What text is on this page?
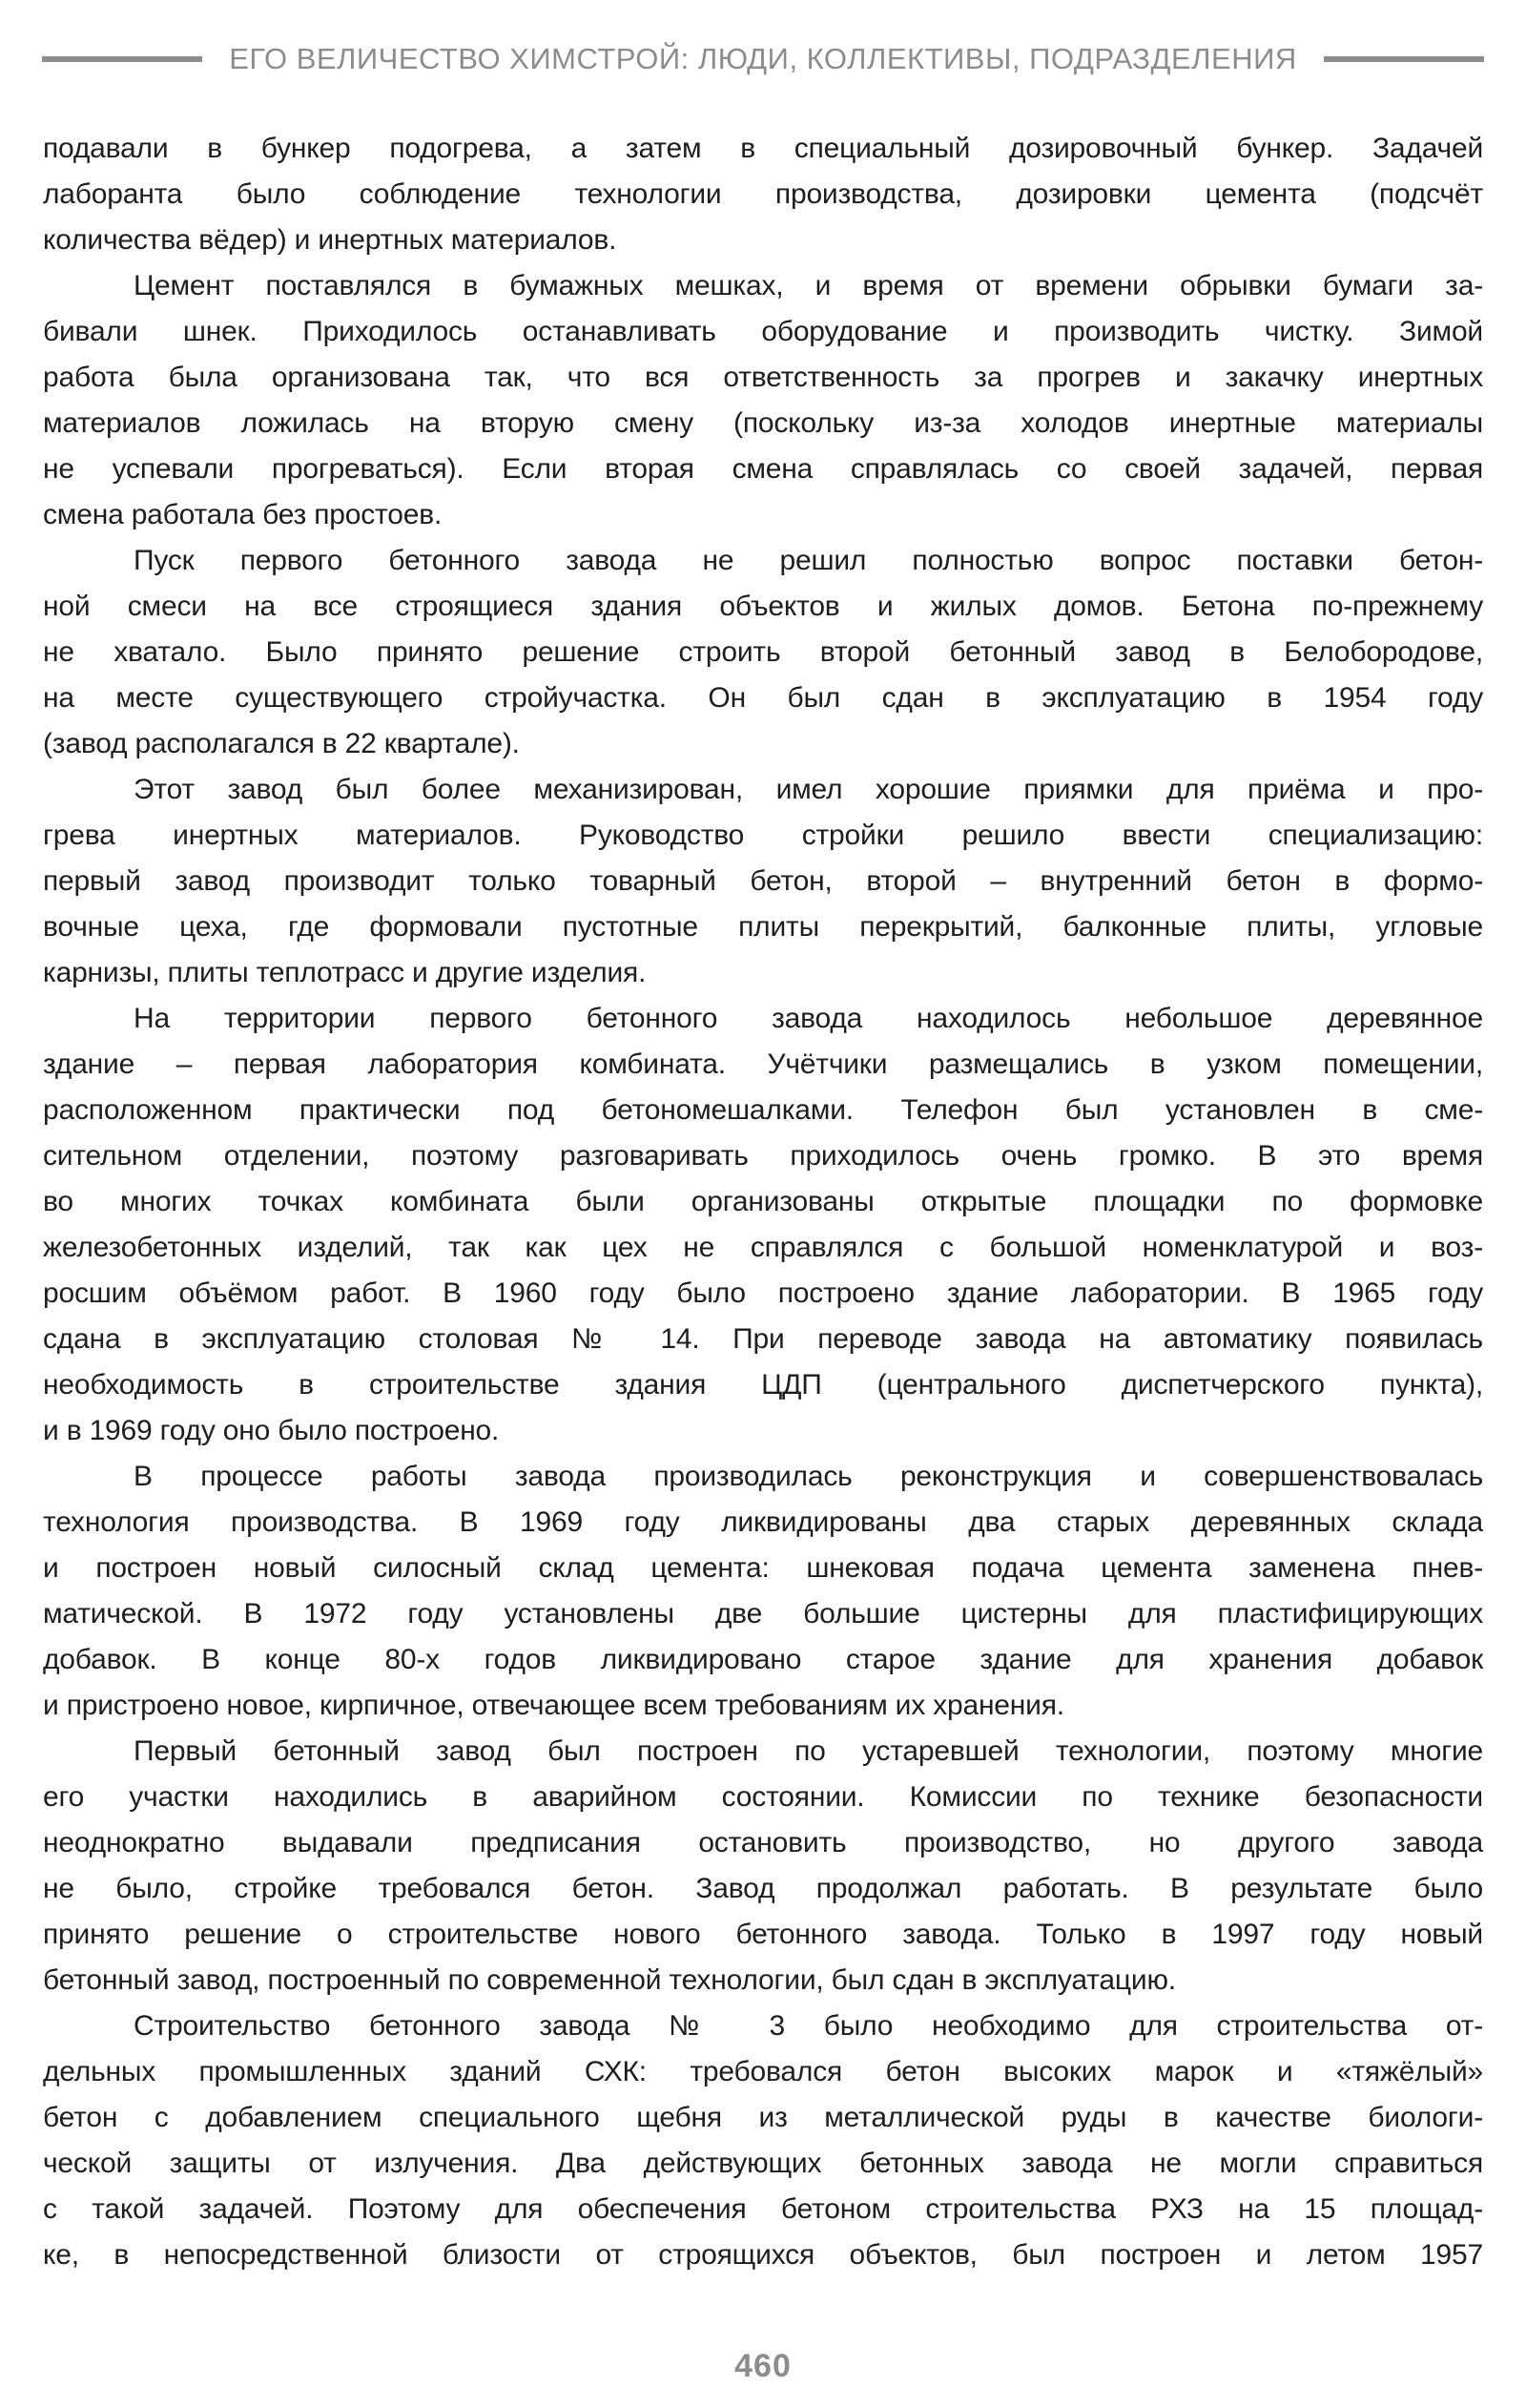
ЕГО ВЕЛИЧЕСТВО ХИМСТРОЙ: ЛЮДИ, КОЛЛЕКТИВЫ, ПОДРАЗДЕЛЕНИЯ
подавали в бункер подогрева, а затем в специальный дозировочный бункер. Задачей
лаборанта было соблюдение технологии производства, дозировки цемента (подсчёт
количества вёдер) и инертных материалов.
Цемент поставлялся в бумажных мешках, и время от времени обрывки бумаги за-
бивали шнек. Приходилось останавливать оборудование и производить чистку. Зимой
работа была организована так, что вся ответственность за прогрев и закачку инертных
материалов ложилась на вторую смену (поскольку из-за холодов инертные материалы
не успевали прогреваться). Если вторая смена справлялась со своей задачей, первая
смена работала без простоев.
Пуск первого бетонного завода не решил полностью вопрос поставки бетон-
ной смеси на все строящиеся здания объектов и жилых домов. Бетона по-прежнему
не хватало. Было принято решение строить второй бетонный завод в Белобородове,
на месте существующего стройучастка. Он был сдан в эксплуатацию в 1954 году
(завод располагался в 22 квартале).
Этот завод был более механизирован, имел хорошие приямки для приёма и про-
грева инертных материалов. Руководство стройки решило ввести специализацию:
первый завод производит только товарный бетон, второй – внутренний бетон в формо-
вочные цеха, где формовали пустотные плиты перекрытий, балконные плиты, угловые
карнизы, плиты теплотрасс и другие изделия.
На территории первого бетонного завода находилось небольшое деревянное
здание – первая лаборатория комбината. Учётчики размещались в узком помещении,
расположенном практически под бетономешалками. Телефон был установлен в сме-
сительном отделении, поэтому разговаривать приходилось очень громко. В это время
во многих точках комбината были организованы открытые площадки по формовке
железобетонных изделий, так как цех не справлялся с большой номенклатурой и воз-
росшим объёмом работ. В 1960 году было построено здание лаборатории. В 1965 году
сдана в эксплуатацию столовая № 14. При переводе завода на автоматику появилась
необходимость в строительстве здания ЦДП (центрального диспетчерского пункта),
и в 1969 году оно было построено.
В процессе работы завода производилась реконструкция и совершенствовалась
технология производства. В 1969 году ликвидированы два старых деревянных склада
и построен новый силосный склад цемента: шнековая подача цемента заменена пнев-
матической. В 1972 году установлены две большие цистерны для пластифицирующих
добавок. В конце 80-х годов ликвидировано старое здание для хранения добавок
и пристроено новое, кирпичное, отвечающее всем требованиям их хранения.
Первый бетонный завод был построен по устаревшей технологии, поэтому многие
его участки находились в аварийном состоянии. Комиссии по технике безопасности
неоднократно выдавали предписания остановить производство, но другого завода
не было, стройке требовался бетон. Завод продолжал работать. В результате было
принято решение о строительстве нового бетонного завода. Только в 1997 году новый
бетонный завод, построенный по современной технологии, был сдан в эксплуатацию.
Строительство бетонного завода № 3 было необходимо для строительства от-
дельных промышленных зданий СХК: требовался бетон высоких марок и «тяжёлый»
бетон с добавлением специального щебня из металлической руды в качестве биологи-
ческой защиты от излучения. Два действующих бетонных завода не могли справиться
с такой задачей. Поэтому для обеспечения бетоном строительства РХЗ на 15 площад-
ке, в непосредственной близости от строящихся объектов, был построен и летом 1957
460
